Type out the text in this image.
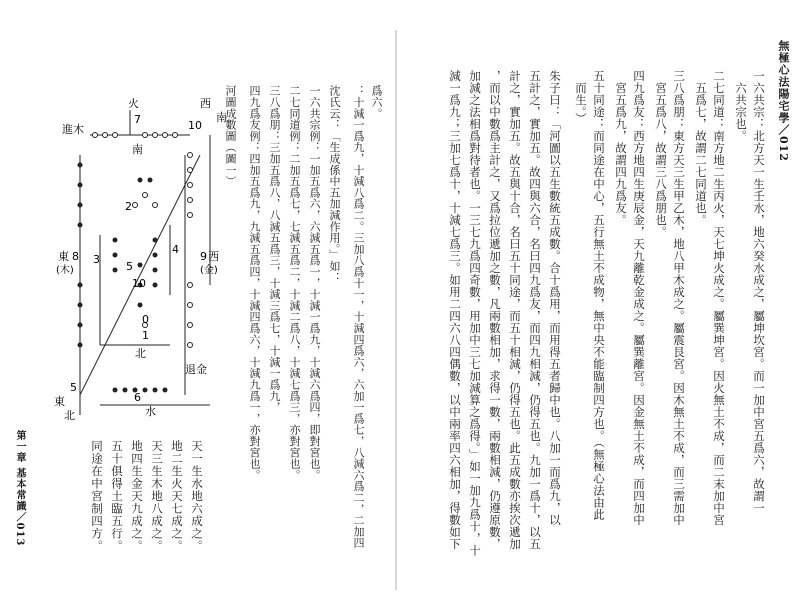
第一章 基本常識／013	天一生水地六成之。
地二生火天七成之。
天三生木地八成之。
地四生金天九成之。
五十俱得土臨五行。
同途在中宮制四方。
河圖成數圖（圖一）	三八爲朋：三加五爲八，八減五爲三，十減三爲七，十減一爲九， 二七同道例：二加五爲七，七減五爲二，十減二爲八，十減七爲三，亦對宮也。 一六共宗例：一加五爲六，六減五爲一，十減一爲九，十減六爲四，即對宮也。 沈氏云：「生成係中五加減作用。」如：
四九爲友例：四加五爲九，九減五爲四，十減四爲六，十減九爲一，亦對宮也。	：十減一爲九，十減八爲二。三加八爲十一，十減四爲六，六加一爲七，八減六爲二，二加四 爲六。
火	西
南
7
進木	10
南
2
東
(木)
8 3
5
4
10
9 西
(金)
0
1
北
退金
5
東	6
水
北
無極心法陽宅學／012
一六共宗：北方天一生壬水，地六癸水成之，屬坤坎宮。而一加中宮五爲六，故謂一
六共宗也。
二七同道：南方地二生丙火，天七坤火成之。屬巽坤宮。因火無土不成，而二末加中宮
五爲七，故謂二七同道也。
三八爲朋：東方天三生甲乙木，地八甲木成之。屬震艮宮。因木無土不成，而三需加中
宮五爲八，故謂三八爲朋也。
四九爲友：西方地四生庚辰金，天九離乾金成之。屬巽離宮。因金無土不成，而四加中
宮五爲九，故謂四九爲友。
五十同途：而同途在中心，五行無土不成物，無中央不能臨制四方也。（無極心法由此
而生。）
朱子曰：「河圖以五生數統五成數。合十爲用，而用得五者歸中也。八加一而爲九，以
五計之，實加五。故四與六合，名曰四九爲友，而四九相減，仍得五也。九加一爲十，以五
計之，實加五。故五與十合，名曰五十同途，而五十相減，仍得五也。此五成數亦挨次遞加
，而以中數爲主計之，又爲拉位遞加之數，凡兩數相加，求得一數，兩數相減，仍遵原數，
加減之法相爲對待者也。一三七九爲四奇數，用加中三七加減算之爲得。」如一加九爲十，十
減一爲九；三加七爲十，十減七爲三。如用二四六八四偶數，以中兩率四六相加，得數如下
